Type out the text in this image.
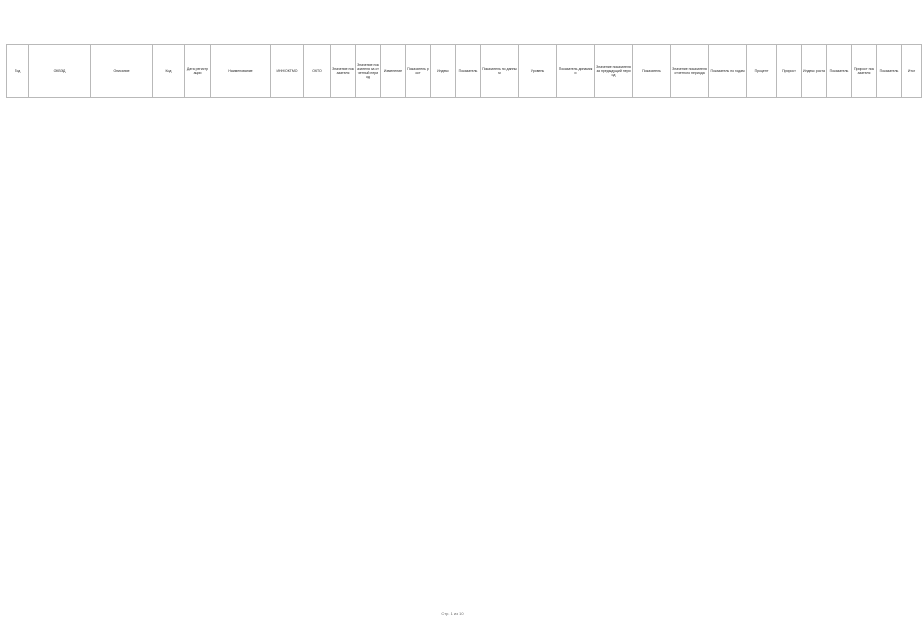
Год	ОКВЭД	Описание	Код	Дата регистрации	Наименование	ИНН/ОКТМО	ОКТО	Значение показателя	Значение показателя за отчетный период	Изменение	Показатель рост	Индекс	Показатель	Показатель по данным	Уровень	Показатель динамики	Значение показателя за предыдущий период	Показатель	Значение показателя отчетного периода	Показатель по годам	Процент	Прирост	Индекс роста	Показатель	Прирост показателя	Показатель	Итог
Стр. 1 из 10
